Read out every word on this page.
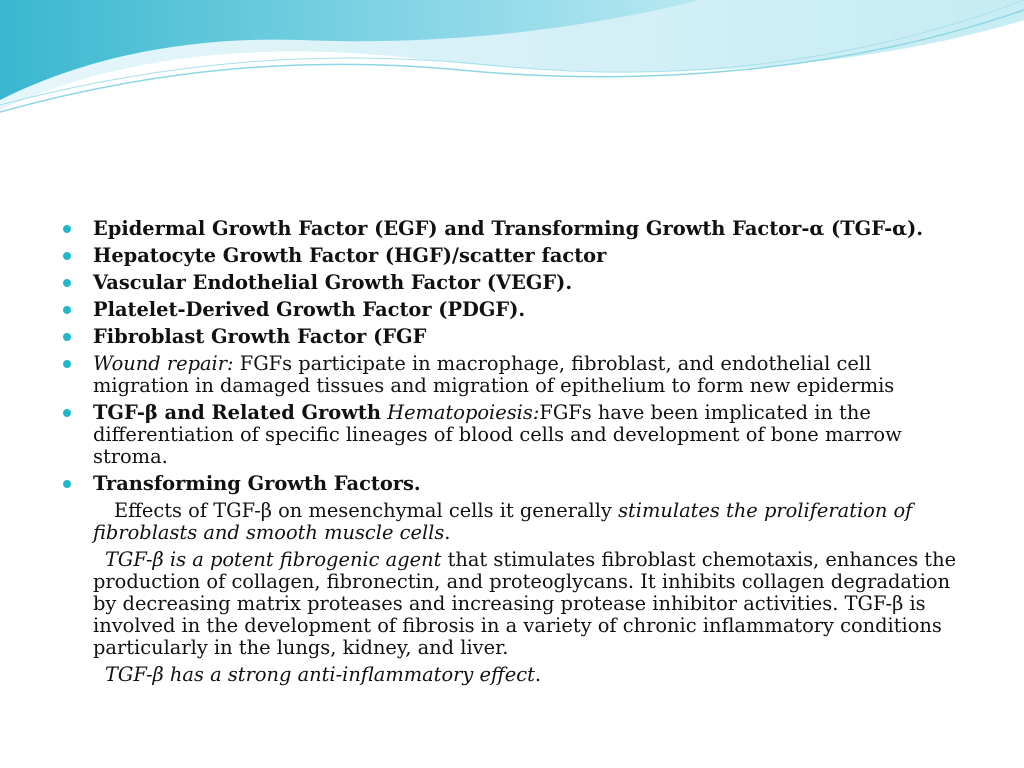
Epidermal Growth Factor (EGF) and Transforming Growth Factor-α (TGF-α).
Hepatocyte Growth Factor (HGF)/scatter factor
Vascular Endothelial Growth Factor (VEGF).
Platelet-Derived Growth Factor (PDGF).
Fibroblast Growth Factor (FGF
Wound repair: FGFs participate in macrophage, fibroblast, and endothelial cell migration in damaged tissues and migration of epithelium to form new epidermis
TGF-β and Related Growth Hematopoiesis:FGFs have been implicated in the differentiation of specific lineages of blood cells and development of bone marrow stroma.
Transforming Growth Factors.
Effects of TGF-β on mesenchymal cells it generally stimulates the proliferation of fibroblasts and smooth muscle cells.
TGF-β is a potent fibrogenic agent that stimulates fibroblast chemotaxis, enhances the production of collagen, fibronectin, and proteoglycans. It inhibits collagen degradation by decreasing matrix proteases and increasing protease inhibitor activities. TGF-β is involved in the development of fibrosis in a variety of chronic inflammatory conditions particularly in the lungs, kidney, and liver.
TGF-β has a strong anti-inflammatory effect.
